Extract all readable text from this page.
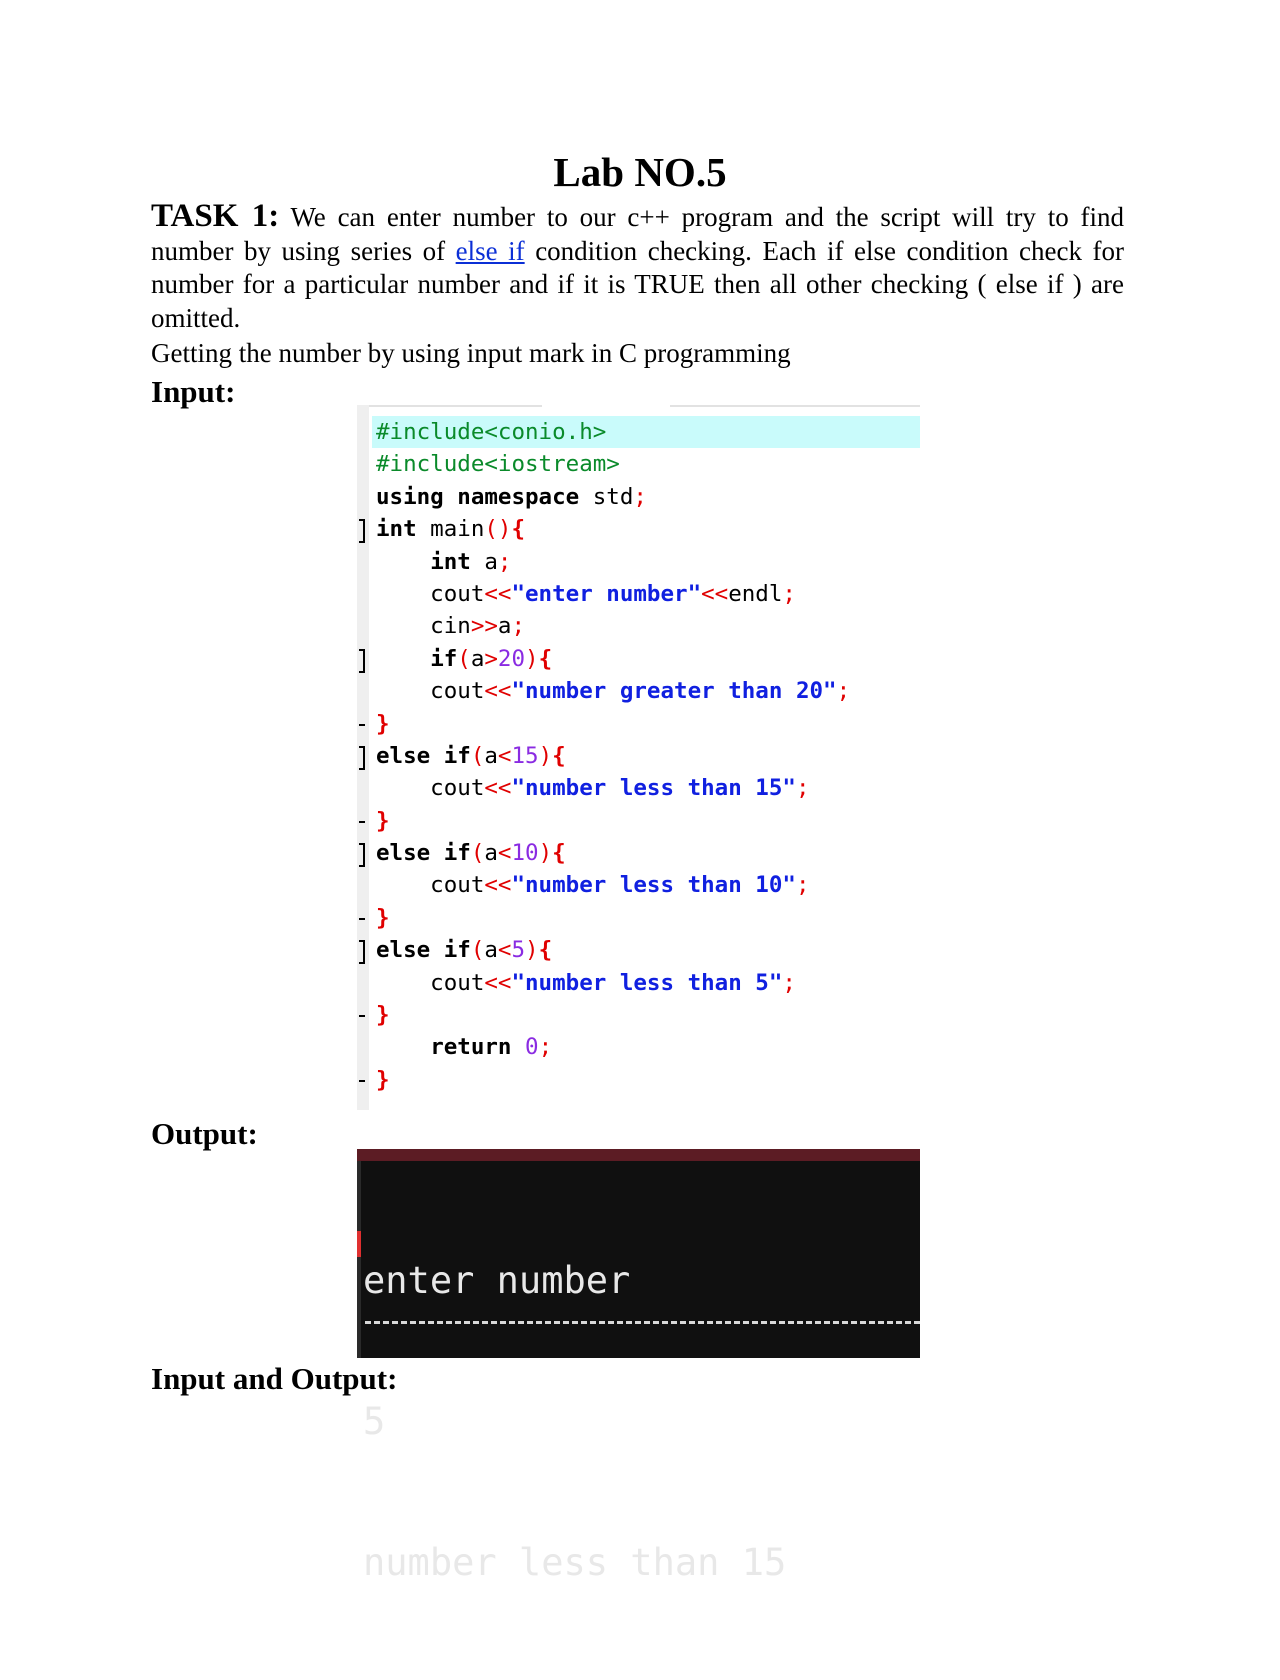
Lab NO.5

TASK 1: We can enter number to our c++ program and the script will try to find number by using series of else if condition checking. Each if else condition check for number for a particular number and if it is TRUE then all other checking ( else if ) are omitted.

Getting the number by using input mark in C programming

Input:
#include<conio.h>
#include<iostream>
using namespace std;
int main(){
int a;
cout<<"enter number"<<endl;
cin>>a;
if(a>20){
cout<<"number greater than 20";
}
else if(a<15){
cout<<"number less than 15";
}
else if(a<10){
cout<<"number less than 10";
}
else if(a<5){
cout<<"number less than 5";
}
return 0;
}
Output:

enter number

5

number less than 15

Input and Output:
